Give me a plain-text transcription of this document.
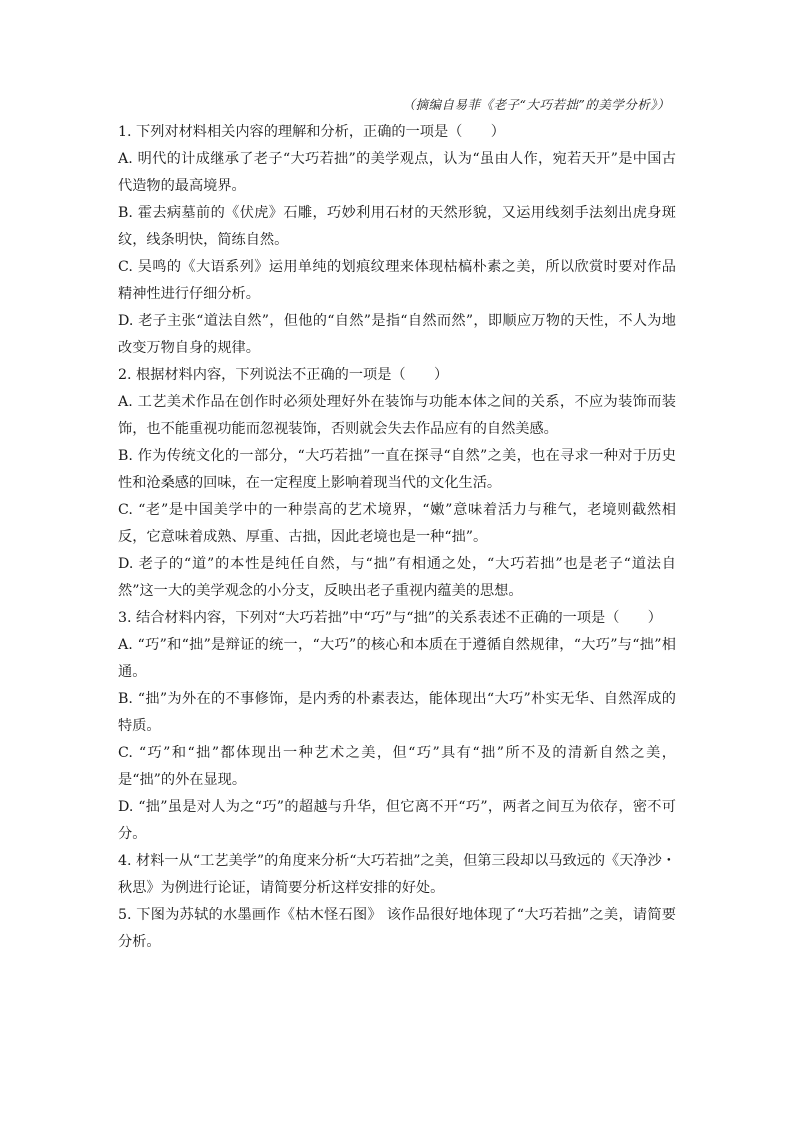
（摘编自易菲《老子“大巧若拙”的美学分析》）

1. 下列对材料相关内容的理解和分析，正确的一项是（　　）

A. 明代的计成继承了老子“大巧若拙”的美学观点，认为“虽由人作，宛若天开”是中国古代造物的最高境界。

B. 霍去病墓前的《伏虎》石雕，巧妙利用石材的天然形貌，又运用线刻手法刻出虎身斑纹，线条明快，简练自然。

C. 吴鸣的《大语系列》运用单纯的划痕纹理来体现枯槁朴素之美，所以欣赏时要对作品精神性进行仔细分析。

D. 老子主张“道法自然”，但他的“自然”是指“自然而然”，即顺应万物的天性，不人为地改变万物自身的规律。

2. 根据材料内容，下列说法不正确的一项是（　　）

A. 工艺美术作品在创作时必须处理好外在装饰与功能本体之间的关系，不应为装饰而装饰，也不能重视功能而忽视装饰，否则就会失去作品应有的自然美感。

B. 作为传统文化的一部分，“大巧若拙”一直在探寻“自然”之美，也在寻求一种对于历史性和沧桑感的回味，在一定程度上影响着现当代的文化生活。

C. “老”是中国美学中的一种崇高的艺术境界，“嫩”意味着活力与稚气，老境则截然相反，它意味着成熟、厚重、古拙，因此老境也是一种“拙”。

D. 老子的“道”的本性是纯任自然，与“拙”有相通之处，“大巧若拙”也是老子“道法自然”这一大的美学观念的小分支，反映出老子重视内蕴美的思想。

3. 结合材料内容，下列对“大巧若拙”中“巧”与“拙”的关系表述不正确的一项是（　　）

A. “巧”和“拙”是辩证的统一，“大巧”的核心和本质在于遵循自然规律，“大巧”与“拙”相通。

B. “拙”为外在的不事修饰，是内秀的朴素表达，能体现出“大巧”朴实无华、自然浑成的特质。

C. “巧”和“拙”都体现出一种艺术之美，但“巧”具有“拙”所不及的清新自然之美，是“拙”的外在显现。

D. “拙”虽是对人为之“巧”的超越与升华，但它离不开“巧”，两者之间互为依存，密不可分。

4. 材料一从“工艺美学”的角度来分析“大巧若拙”之美，但第三段却以马致远的《天净沙・秋思》为例进行论证，请简要分析这样安排的好处。

5. 下图为苏轼的水墨画作《枯木怪石图》 该作品很好地体现了“大巧若拙”之美，请简要分析。
